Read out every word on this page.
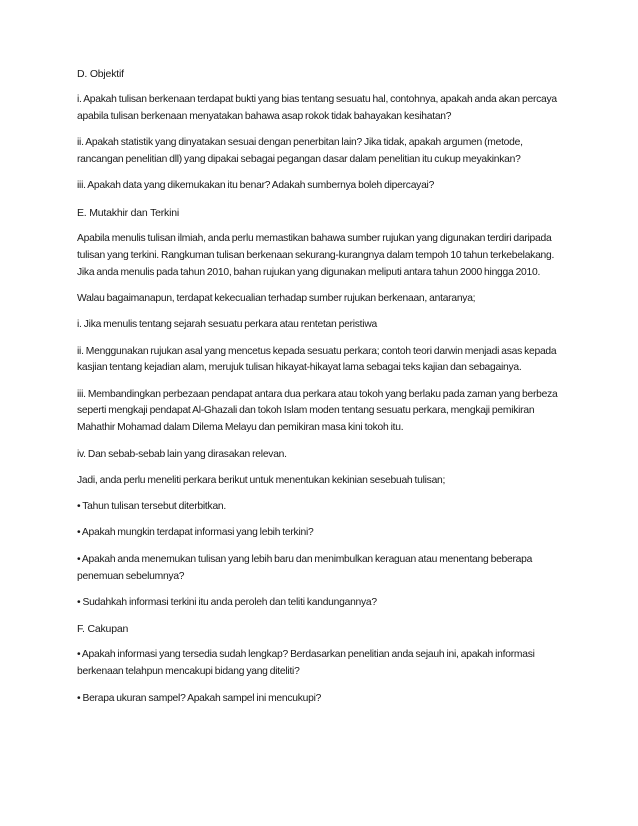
D. Objektif
i. Apakah tulisan berkenaan terdapat bukti yang bias tentang sesuatu hal, contohnya, apakah anda akan percaya apabila tulisan berkenaan menyatakan bahawa asap rokok tidak bahayakan kesihatan?
ii. Apakah statistik yang dinyatakan sesuai dengan penerbitan lain? Jika tidak, apakah argumen (metode, rancangan penelitian dll) yang dipakai sebagai pegangan dasar dalam penelitian itu cukup meyakinkan?
iii. Apakah data yang dikemukakan itu benar? Adakah sumbernya boleh dipercayai?
E. Mutakhir dan Terkini
Apabila menulis tulisan ilmiah, anda perlu memastikan bahawa sumber rujukan yang digunakan terdiri daripada tulisan yang terkini. Rangkuman tulisan berkenaan sekurang-kurangnya dalam tempoh 10 tahun terkebelakang. Jika anda menulis pada tahun 2010, bahan rujukan yang digunakan meliputi antara tahun 2000 hingga 2010.
Walau bagaimanapun, terdapat kekecualian terhadap sumber rujukan berkenaan, antaranya;
i. Jika menulis tentang sejarah sesuatu perkara atau rentetan peristiwa
ii. Menggunakan rujukan asal yang mencetus kepada sesuatu perkara; contoh teori darwin menjadi asas kepada kasjian tentang kejadian alam, merujuk tulisan hikayat-hikayat lama sebagai teks kajian dan sebagainya.
iii. Membandingkan perbezaan pendapat antara dua perkara atau tokoh yang berlaku pada zaman yang berbeza seperti mengkaji pendapat Al-Ghazali dan tokoh Islam moden tentang sesuatu perkara, mengkaji pemikiran Mahathir Mohamad dalam Dilema Melayu dan pemikiran masa kini tokoh itu.
iv. Dan sebab-sebab lain yang dirasakan relevan.
Jadi, anda perlu meneliti perkara berikut untuk menentukan kekinian sesebuah tulisan;
• Tahun tulisan tersebut diterbitkan.
• Apakah mungkin terdapat informasi yang lebih terkini?
• Apakah anda menemukan tulisan yang lebih baru dan menimbulkan keraguan atau menentang beberapa penemuan sebelumnya?
• Sudahkah informasi terkini itu anda peroleh dan teliti kandungannya?
F. Cakupan
• Apakah informasi yang tersedia sudah lengkap? Berdasarkan penelitian anda sejauh ini, apakah informasi berkenaan telahpun mencakupi bidang yang diteliti?
• Berapa ukuran sampel? Apakah sampel ini mencukupi?
